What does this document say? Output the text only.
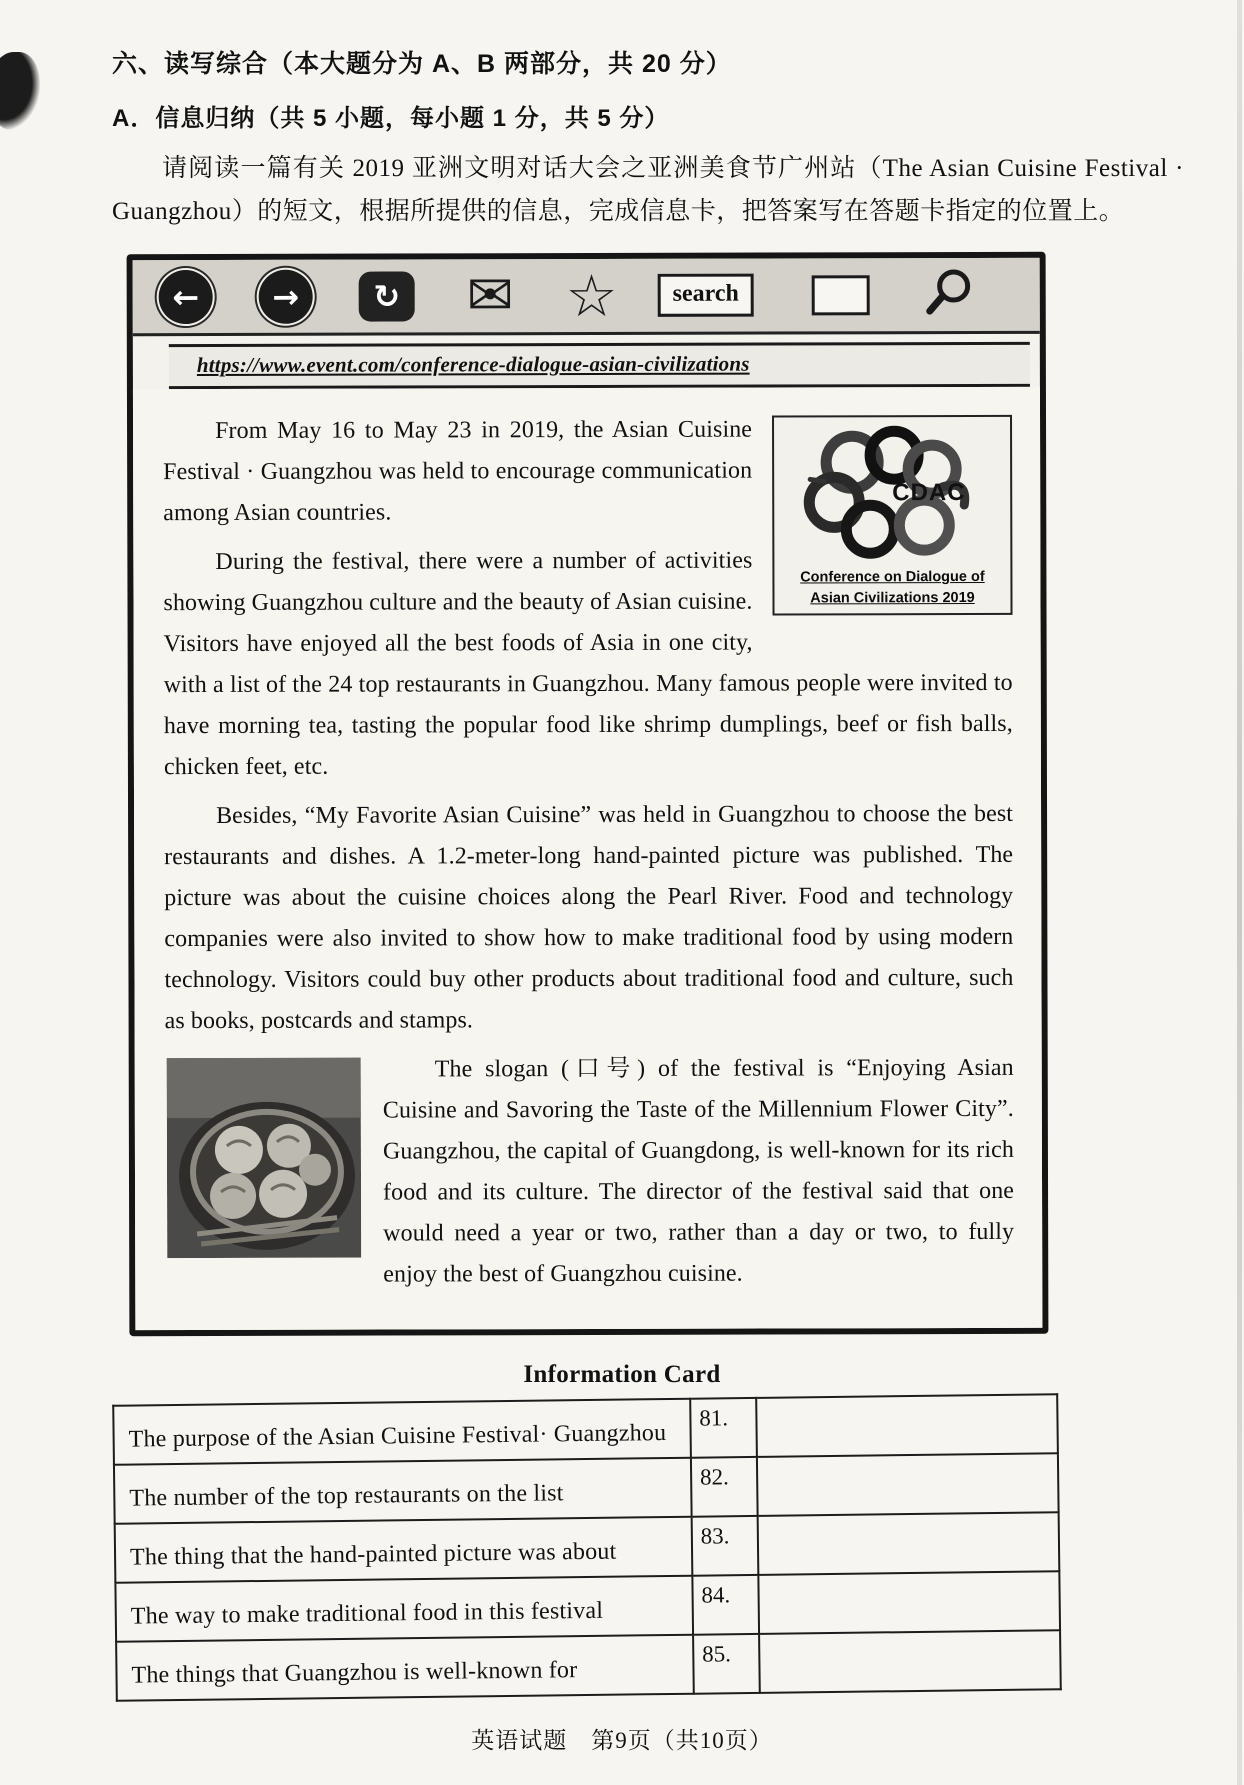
六、读写综合（本大题分为 A、B 两部分，共 20 分）
A．信息归纳（共 5 小题，每小题 1 分，共 5 分）

请阅读一篇有关 2019 亚洲文明对话大会之亚洲美食节广州站（The Asian Cuisine Festival · Guangzhou）的短文，根据所提供的信息，完成信息卡，把答案写在答题卡指定的位置上。

←	→	↻ ✉ ☆	search
https://www.event.com/conference-dialogue-asian-civilizations
CDAC
Conference on Dialogue of
Asian Civilizations 2019

From May 16 to May 23 in 2019, the Asian Cuisine Festival · Guangzhou was held to encourage communication among Asian countries.

During the festival, there were a number of activities showing Guangzhou culture and the beauty of Asian cuisine. Visitors have enjoyed all the best foods of Asia in one city, with a list of the 24 top restaurants in Guangzhou. Many famous people were invited to have morning tea, tasting the popular food like shrimp dumplings, beef or fish balls, chicken feet, etc.

Besides, “My Favorite Asian Cuisine” was held in Guangzhou to choose the best restaurants and dishes. A 1.2-meter-long hand-painted picture was published. The picture was about the cuisine choices along the Pearl River. Food and technology companies were also invited to show how to make traditional food by using modern technology. Visitors could buy other products about traditional food and culture, such as books, postcards and stamps.

The slogan (口号) of the festival is “Enjoying Asian Cuisine and Savoring the Taste of the Millennium Flower City”. Guangzhou, the capital of Guangdong, is well-known for its rich food and its culture. The director of the festival said that one would need a year or two, rather than a day or two, to fully enjoy the best of Guangzhou cuisine.

Information Card
The purpose of the Asian Cuisine Festival· Guangzhou	81.	
The number of the top restaurants on the list	82.	
The thing that the hand-painted picture was about	83.	
The way to make traditional food in this festival	84.	
The things that Guangzhou is well-known for	85.	
英语试题　第9页（共10页）
